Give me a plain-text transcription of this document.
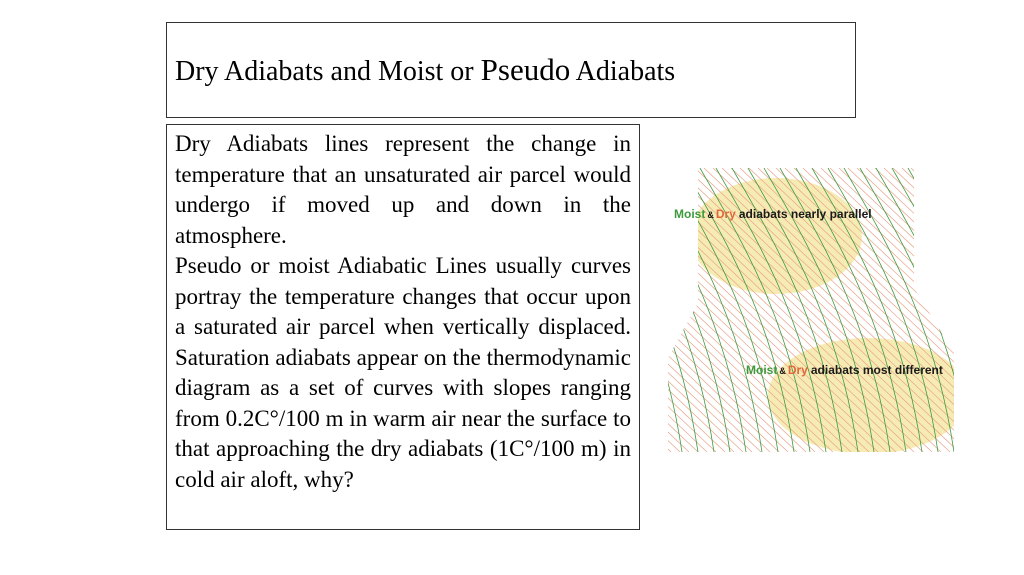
Dry Adiabats and Moist or Pseudo Adiabats

Dry Adiabats lines represent the change in temperature that an unsaturated air parcel would undergo if moved up and down in the atmosphere.

Pseudo or moist Adiabatic Lines usually curves portray the temperature changes that occur upon a saturated air parcel when vertically displaced. Saturation adiabats appear on the thermodynamic diagram as a set of curves with slopes ranging from 0.2C°/100 m in warm air near the surface to that approaching the dry adiabats (1C°/100 m) in cold air aloft, why?

Moist & Dry adiabats nearly parallel
Moist & Dry adiabats most different
